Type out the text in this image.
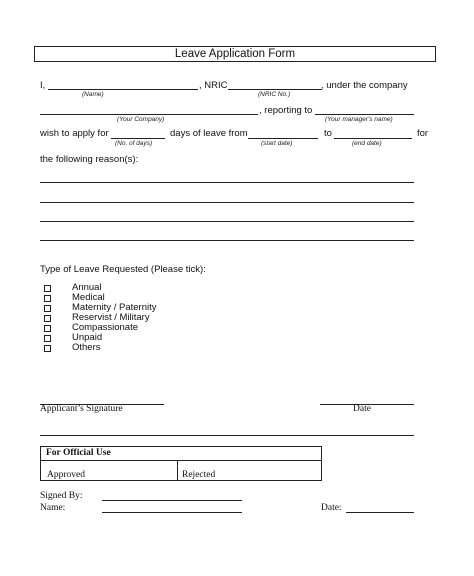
Leave Application Form
I,
(Name)
, NRIC
(NRIC No.)
, under the company
(Your Company)
, reporting to
(Your manager's name)
wish to apply for
(No. of days)
days of leave from
(start date)
to
(end date)
for
the following reason(s):
Type of Leave Requested (Please tick):
Annual
Medical
Maternity / Paternity
Reservist / Military
Compassionate
Unpaid
Others
Applicant’s Signature	Date
For Official Use
Approved	Rejected
Signed By:
Name:	Date:
